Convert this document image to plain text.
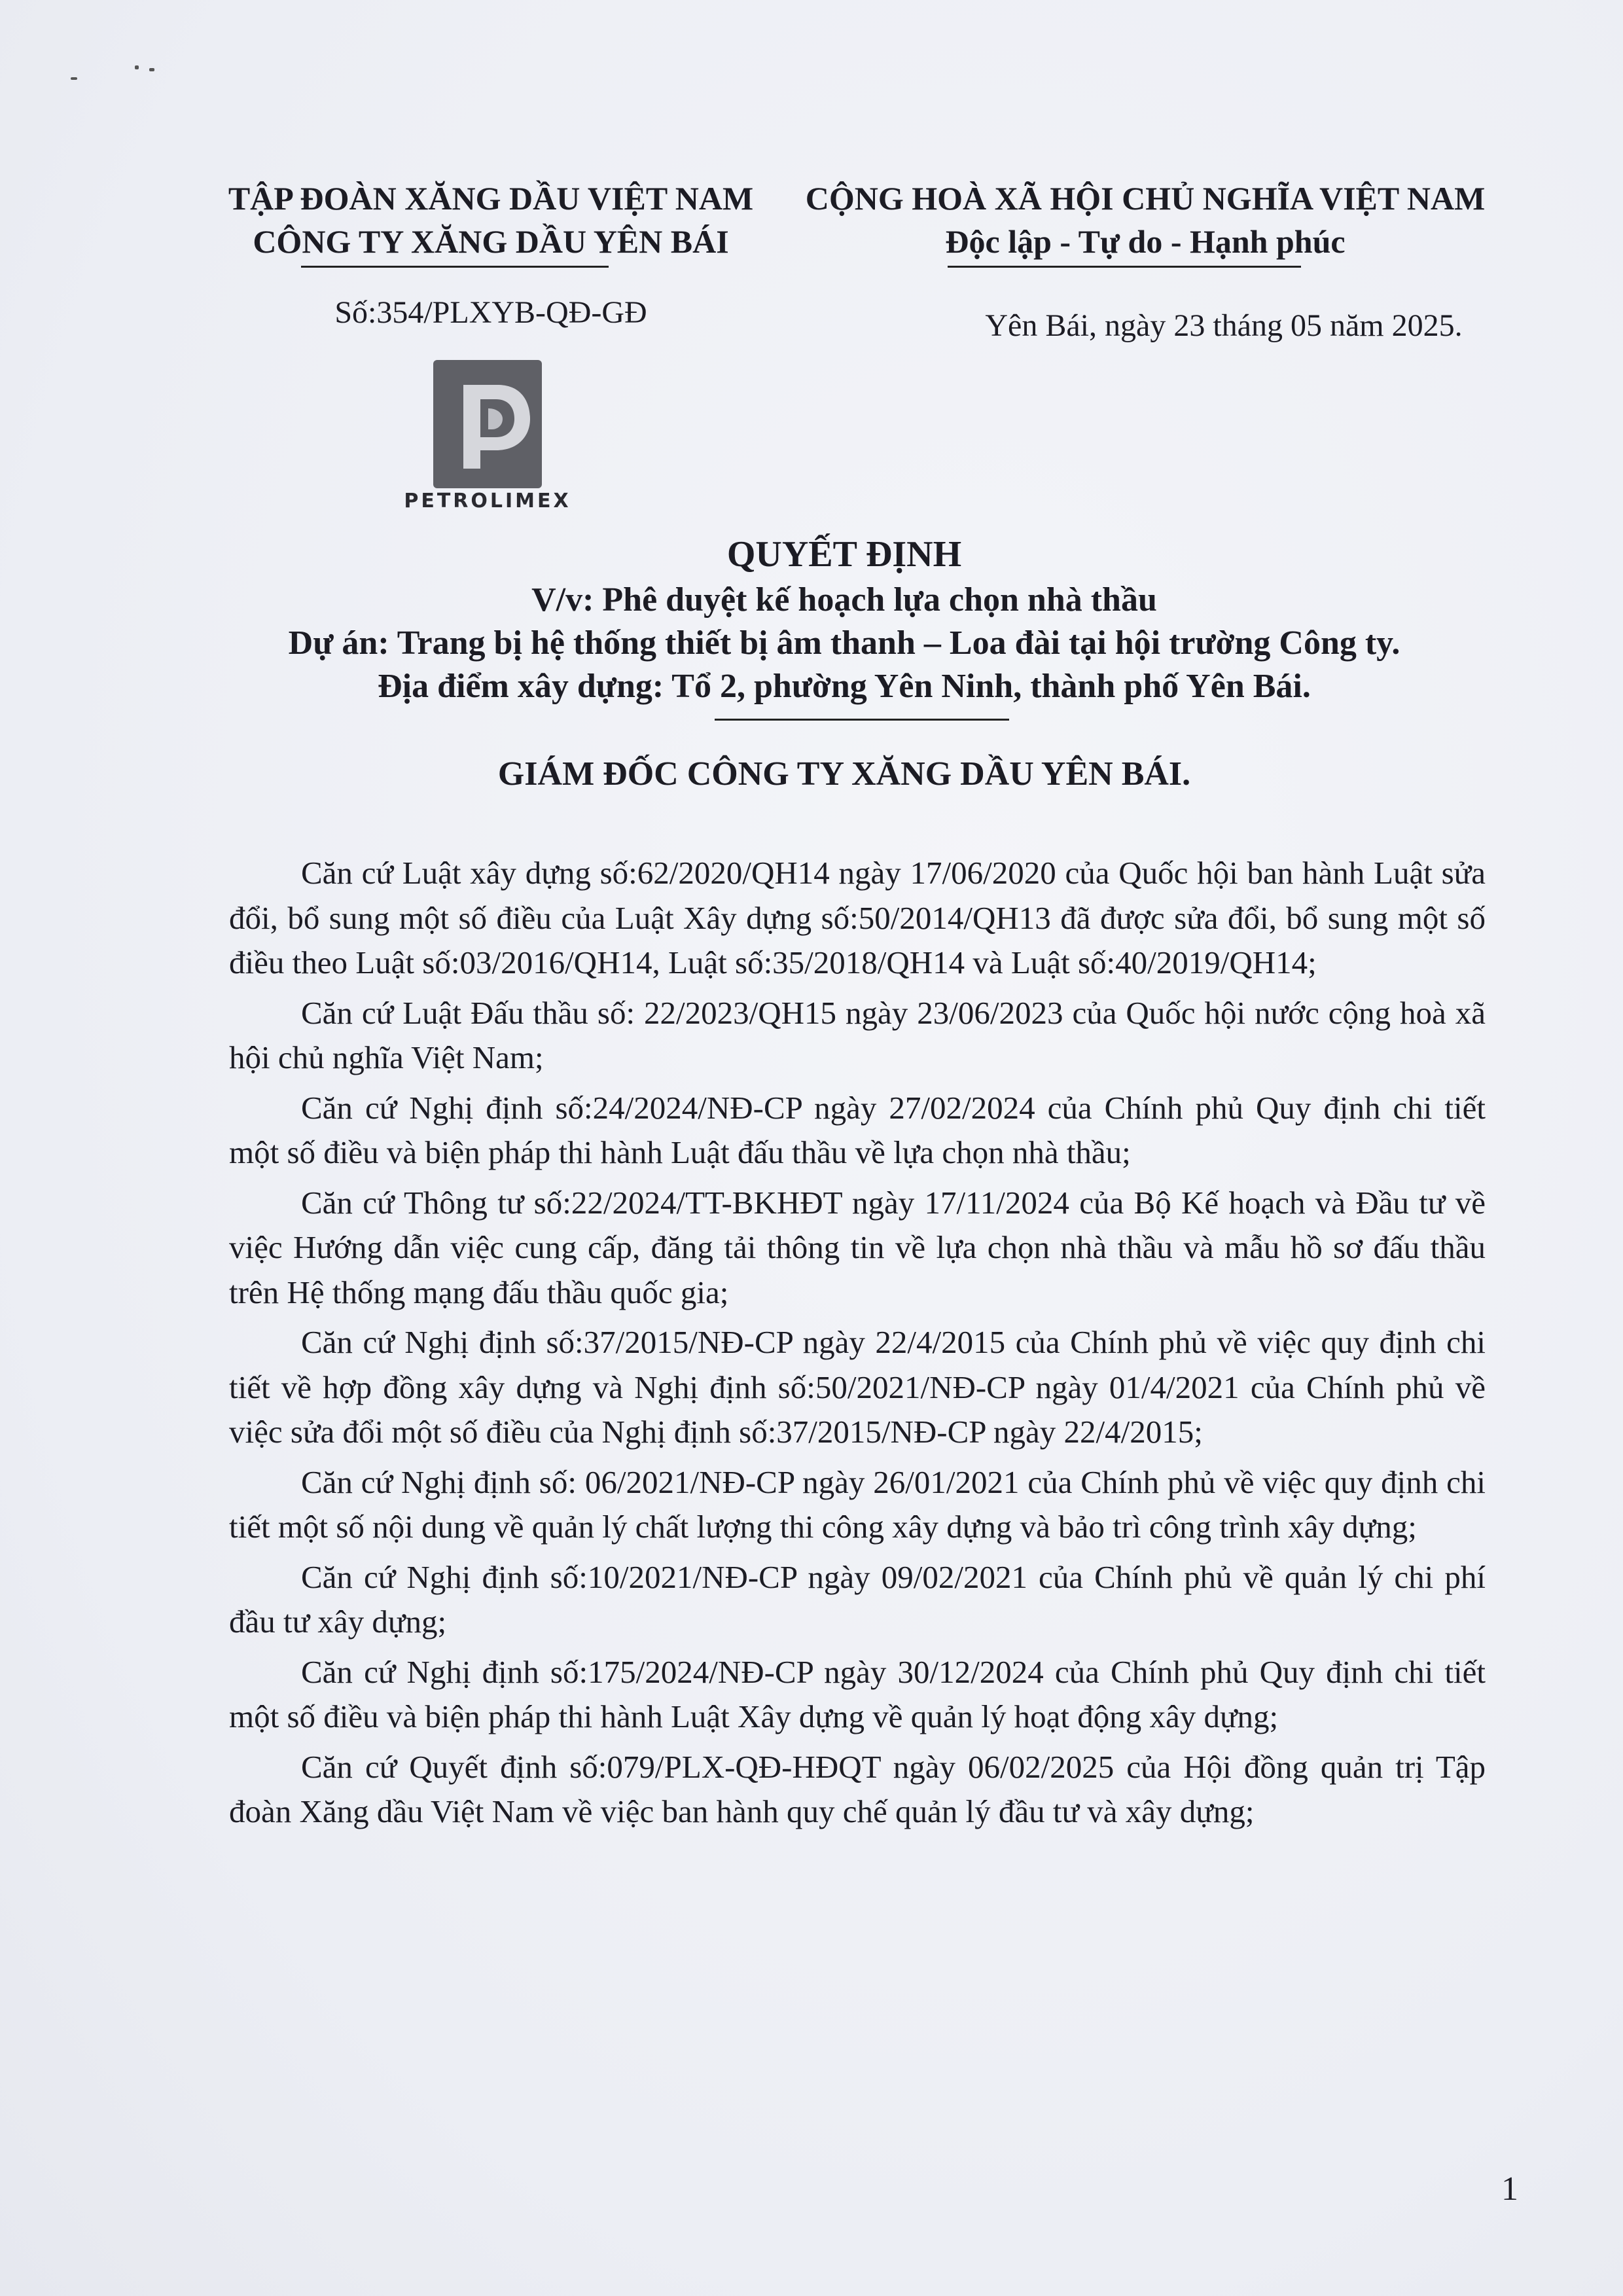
TẬP ĐOÀN XĂNG DẦU VIỆT NAM
CÔNG TY XĂNG DẦU YÊN BÁI
Số:354/PLXYB-QĐ-GĐ
CỘNG HOÀ XÃ HỘI CHỦ NGHĨA VIỆT NAM
Độc lập - Tự do - Hạnh phúc
Yên Bái, ngày 23 tháng 05 năm 2025.
PETROLIMEX
QUYẾT ĐỊNH
V/v: Phê duyệt kế hoạch lựa chọn nhà thầu
Dự án: Trang bị hệ thống thiết bị âm thanh – Loa đài tại hội trường Công ty.
Địa điểm xây dựng: Tổ 2, phường Yên Ninh, thành phố Yên Bái.
GIÁM ĐỐC CÔNG TY XĂNG DẦU YÊN BÁI.

Căn cứ Luật xây dựng số:62/2020/QH14 ngày 17/06/2020 của Quốc hội ban hành Luật sửa đổi, bổ sung một số điều của Luật Xây dựng số:50/2014/QH13 đã được sửa đổi, bổ sung một số điều theo Luật số:03/2016/QH14, Luật số:35/2018/QH14 và Luật số:40/2019/QH14;

Căn cứ Luật Đấu thầu số: 22/2023/QH15 ngày 23/06/2023 của Quốc hội nước cộng hoà xã hội chủ nghĩa Việt Nam;

Căn cứ Nghị định số:24/2024/NĐ-CP ngày 27/02/2024 của Chính phủ Quy định chi tiết một số điều và biện pháp thi hành Luật đấu thầu về lựa chọn nhà thầu;

Căn cứ Thông tư số:22/2024/TT-BKHĐT ngày 17/11/2024 của Bộ Kế hoạch và Đầu tư về việc Hướng dẫn việc cung cấp, đăng tải thông tin về lựa chọn nhà thầu và mẫu hồ sơ đấu thầu trên Hệ thống mạng đấu thầu quốc gia;

Căn cứ Nghị định số:37/2015/NĐ-CP ngày 22/4/2015 của Chính phủ về việc quy định chi tiết về hợp đồng xây dựng và Nghị định số:50/2021/NĐ-CP ngày 01/4/2021 của Chính phủ về việc sửa đổi một số điều của Nghị định số:37/2015/NĐ-CP ngày 22/4/2015;

Căn cứ Nghị định số: 06/2021/NĐ-CP ngày 26/01/2021 của Chính phủ về việc quy định chi tiết một số nội dung về quản lý chất lượng thi công xây dựng và bảo trì công trình xây dựng;

Căn cứ Nghị định số:10/2021/NĐ-CP ngày 09/02/2021 của Chính phủ về quản lý chi phí đầu tư xây dựng;

Căn cứ Nghị định số:175/2024/NĐ-CP ngày 30/12/2024 của Chính phủ Quy định chi tiết một số điều và biện pháp thi hành Luật Xây dựng về quản lý hoạt động xây dựng;

Căn cứ Quyết định số:079/PLX-QĐ-HĐQT ngày 06/02/2025 của Hội đồng quản trị Tập đoàn Xăng dầu Việt Nam về việc ban hành quy chế quản lý đầu tư và xây dựng;

1
